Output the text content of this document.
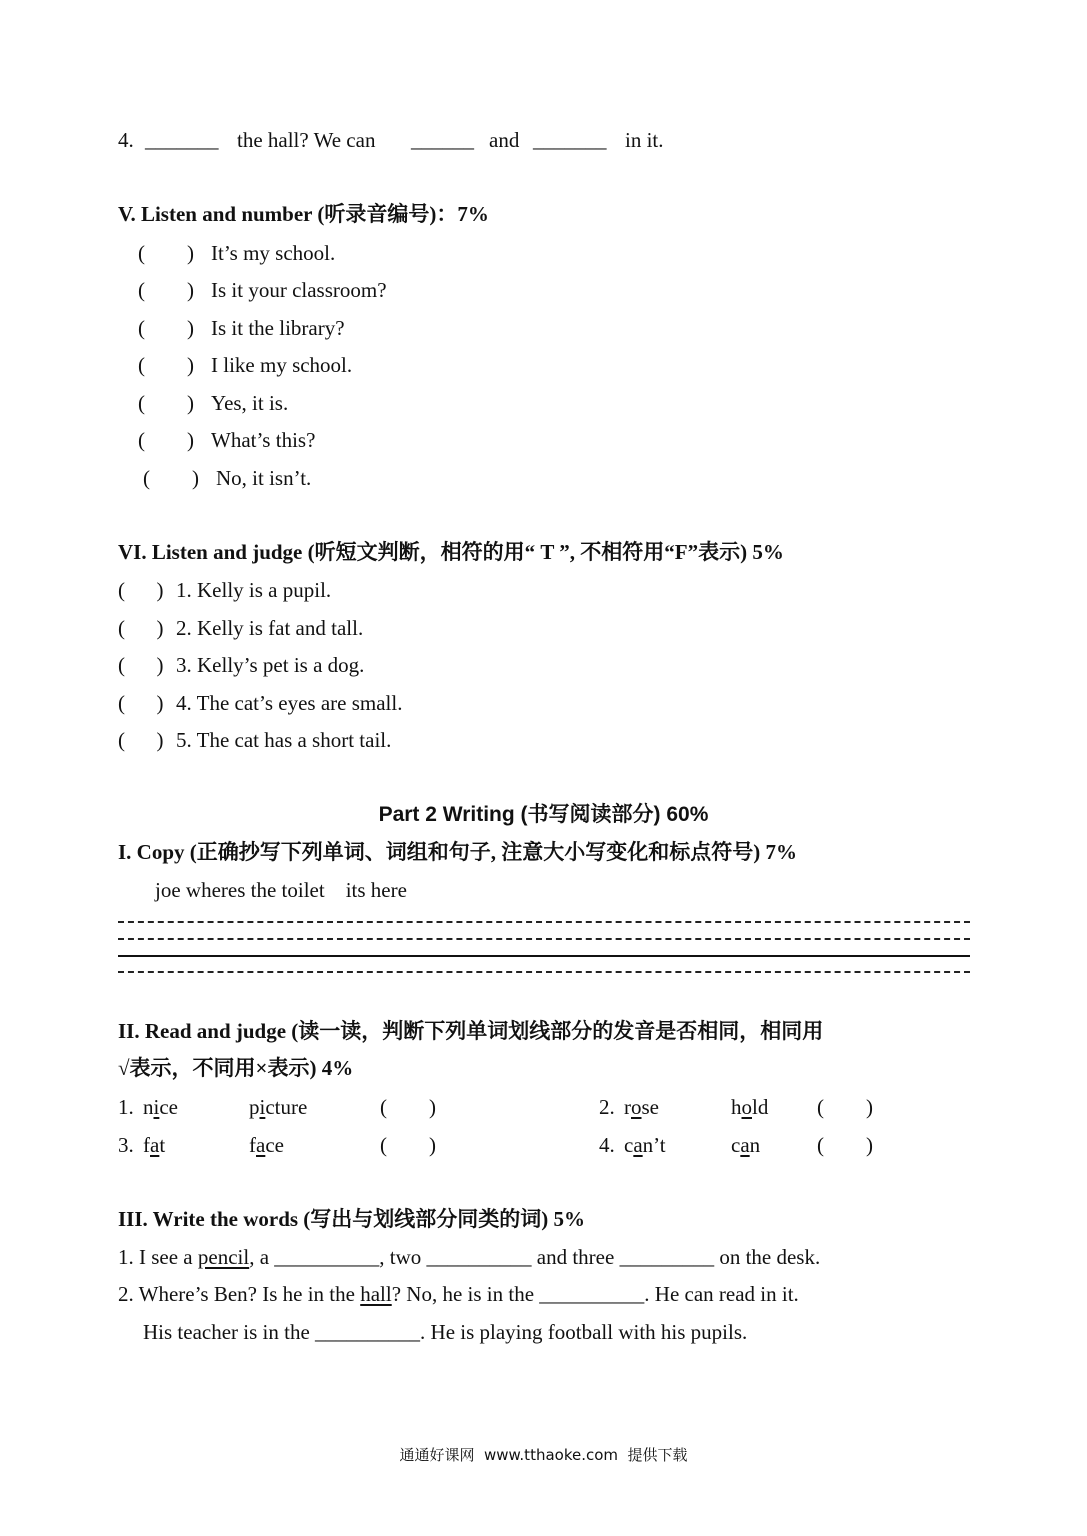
4. _______ the hall? We can ______ and _______ in it.
V. Listen and number (听录音编号)：7%
(        ) It’s my school.
(        ) Is it your classroom?
(        ) Is it the library?
(        ) I like my school.
(        ) Yes, it is.
(        ) What’s this?
(        ) No, it isn’t.
VI. Listen and judge (听短文判断，相符的用“ T ”, 不相符用“F”表示) 5%
(      ) 1. Kelly is a pupil.
(      ) 2. Kelly is fat and tall.
(      ) 3. Kelly’s pet is a dog.
(      ) 4. The cat’s eyes are small.
(      ) 5. The cat has a short tail.
Part 2 Writing (书写阅读部分) 60%
I. Copy (正确抄写下列单词、词组和句子, 注意大小写变化和标点符号) 7%
joe wheres the toilet    its here
II. Read and judge (读一读，判断下列单词划线部分的发音是否相同，相同用
√表示，不同用×表示) 4%
1. nice	picture	(        )	2. rose	hold (        )
3. fat	face	(        )	4. can’t	can	(        )
III. Write the words (写出与划线部分同类的词) 5%
1. I see a pencil, a __________, two __________ and three _________ on the desk.
2. Where’s Ben? Is he in the hall? No, he is in the __________. He can read in it.
His teacher is in the __________. He is playing football with his pupils.
通通好课网  www.tthaoke.com  提供下载
